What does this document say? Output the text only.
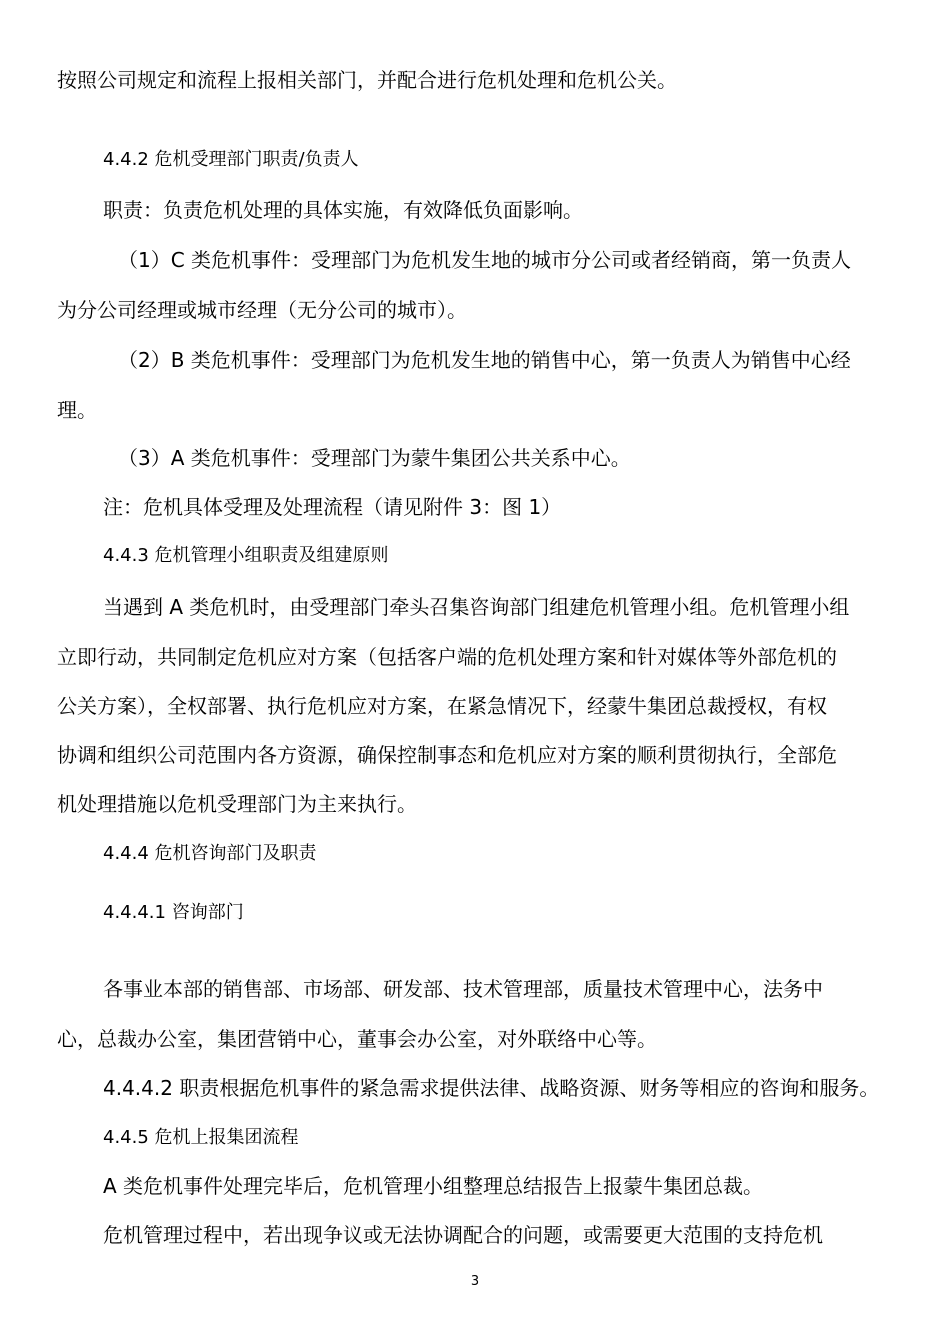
按照公司规定和流程上报相关部门，并配合进行危机处理和危机公关。
4.4.2 危机受理部门职责/负责人
职责：负责危机处理的具体实施，有效降低负面影响。
（1）C 类危机事件：受理部门为危机发生地的城市分公司或者经销商，第一负责人
为分公司经理或城市经理（无分公司的城市）。
（2）B 类危机事件：受理部门为危机发生地的销售中心，第一负责人为销售中心经
理。
（3）A 类危机事件：受理部门为蒙牛集团公共关系中心。
注：危机具体受理及处理流程（请见附件 3：图 1）
4.4.3 危机管理小组职责及组建原则
当遇到 A 类危机时，由受理部门牵头召集咨询部门组建危机管理小组。危机管理小组
立即行动，共同制定危机应对方案（包括客户端的危机处理方案和针对媒体等外部危机的
公关方案），全权部署、执行危机应对方案，在紧急情况下，经蒙牛集团总裁授权，有权
协调和组织公司范围内各方资源，确保控制事态和危机应对方案的顺利贯彻执行，全部危
机处理措施以危机受理部门为主来执行。
4.4.4 危机咨询部门及职责
4.4.4.1 咨询部门
各事业本部的销售部、市场部、研发部、技术管理部，质量技术管理中心，法务中
心，总裁办公室，集团营销中心，董事会办公室，对外联络中心等。
4.4.4.2 职责根据危机事件的紧急需求提供法律、战略资源、财务等相应的咨询和服务。
4.4.5 危机上报集团流程
A 类危机事件处理完毕后，危机管理小组整理总结报告上报蒙牛集团总裁。
危机管理过程中，若出现争议或无法协调配合的问题，或需要更大范围的支持危机
3
